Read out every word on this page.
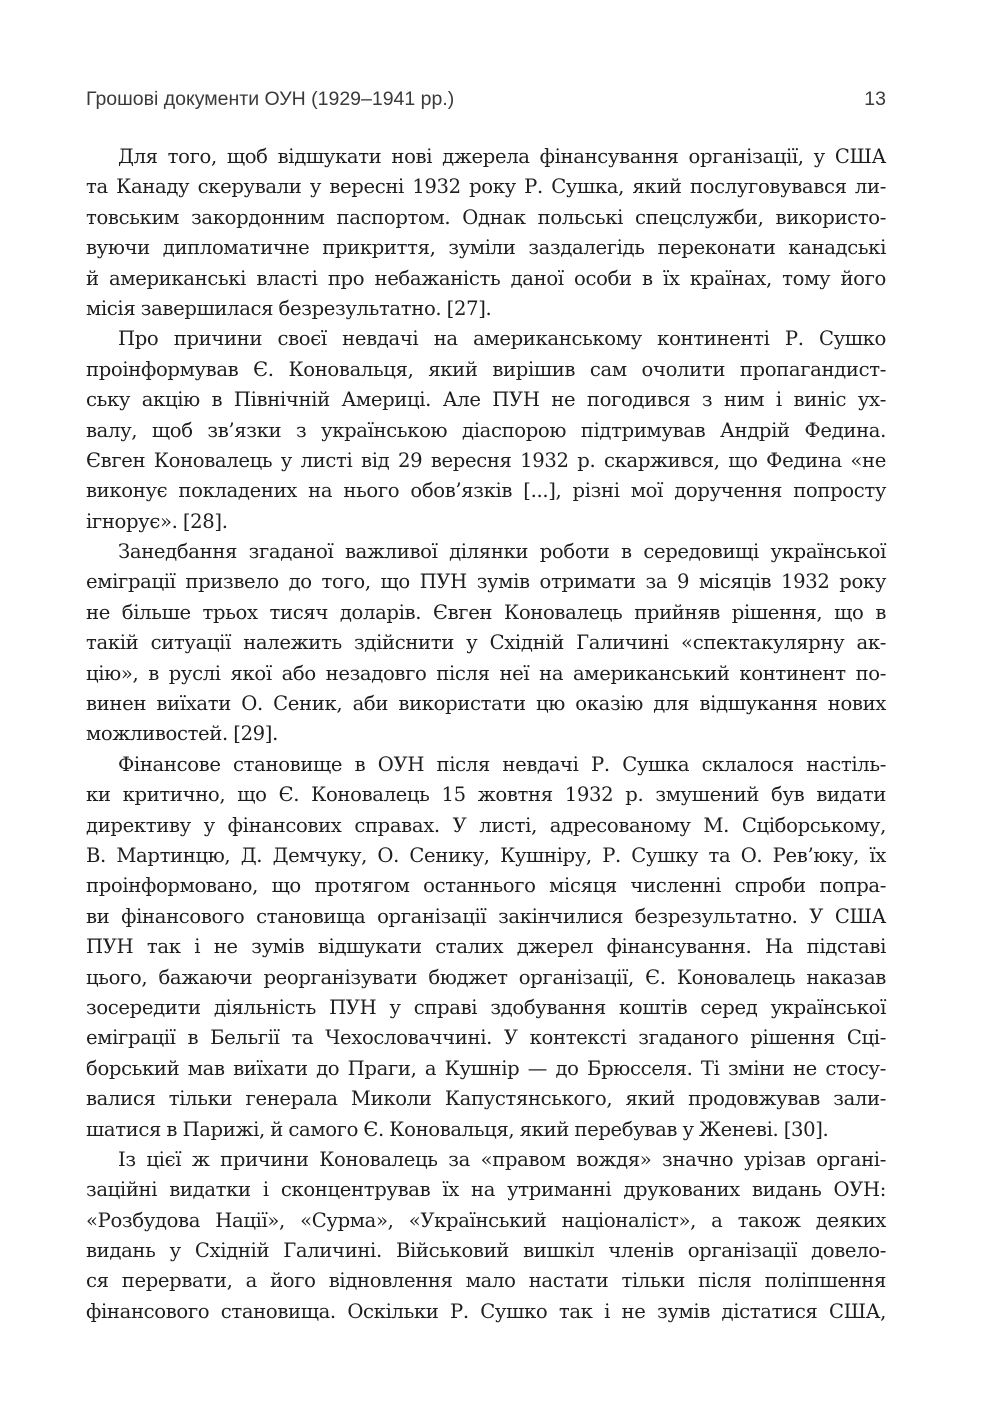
Грошові документи ОУН (1929–1941 рр.)	13
Для того, щоб відшукати нові джерела фінансування організації, у США
та Канаду скерували у вересні 1932 року Р. Сушка, який послуговувався ли-
товським закордонним паспортом. Однак польські спецслужби, використо-
вуючи дипломатичне прикриття, зуміли заздалегідь переконати канадські
й американські власті про небажаність даної особи в їх країнах, тому його
місія завершилася безрезультатно. [27].
Про причини своєї невдачі на американському континенті Р. Сушко
проінформував Є. Коновальця, який вирішив сам очолити пропагандист-
ську акцію в Північній Америці. Але ПУН не погодився з ним і виніс ух-
валу, щоб зв’язки з українською діаспорою підтримував Андрій Федина.
Євген Коновалець у листі від 29 вересня 1932 р. скаржився, що Федина «не
виконує покладених на нього обов’язків [...], різні мої доручення попросту
ігнорує». [28].
Занедбання згаданої важливої ділянки роботи в середовищі української
еміграції призвело до того, що ПУН зумів отримати за 9 місяців 1932 року
не більше трьох тисяч доларів. Євген Коновалець прийняв рішення, що в
такій ситуації належить здійснити у Східній Галичині «спектакулярну ак-
цію», в руслі якої або незадовго після неї на американський континент по-
винен виїхати О. Сеник, аби використати цю оказію для відшукання нових
можливостей. [29].
Фінансове становище в ОУН після невдачі Р. Сушка склалося настіль-
ки критично, що Є. Коновалець 15 жовтня 1932 р. змушений був видати
директиву у фінансових справах. У листі, адресованому М. Сціборському,
В. Мартинцю, Д. Демчуку, О. Сенику, Кушніру, Р. Сушку та О. Рев’юку, їх
проінформовано, що протягом останнього місяця численні спроби попра-
ви фінансового становища організації закінчилися безрезультатно. У США
ПУН так і не зумів відшукати сталих джерел фінансування. На підставі
цього, бажаючи реорганізувати бюджет організації, Є. Коновалець наказав
зосередити діяльність ПУН у справі здобування коштів серед української
еміграції в Бельгії та Чехословаччині. У контексті згаданого рішення Сці-
борський мав виїхати до Праги, а Кушнір — до Брюсселя. Ті зміни не стосу-
валися тільки генерала Миколи Капустянського, який продовжував зали-
шатися в Парижі, й самого Є. Коновальця, який перебував у Женеві. [30].
Із цієї ж причини Коновалець за «правом вождя» значно урізав органі-
заційні видатки і сконцентрував їх на утриманні друкованих видань ОУН:
«Розбудова Нації», «Сурма», «Український націоналіст», а також деяких
видань у Східній Галичині. Військовий вишкіл членів організації довело-
ся перервати, а його відновлення мало настати тільки після поліпшення
фінансового становища. Оскільки Р. Сушко так і не зумів дістатися США,
